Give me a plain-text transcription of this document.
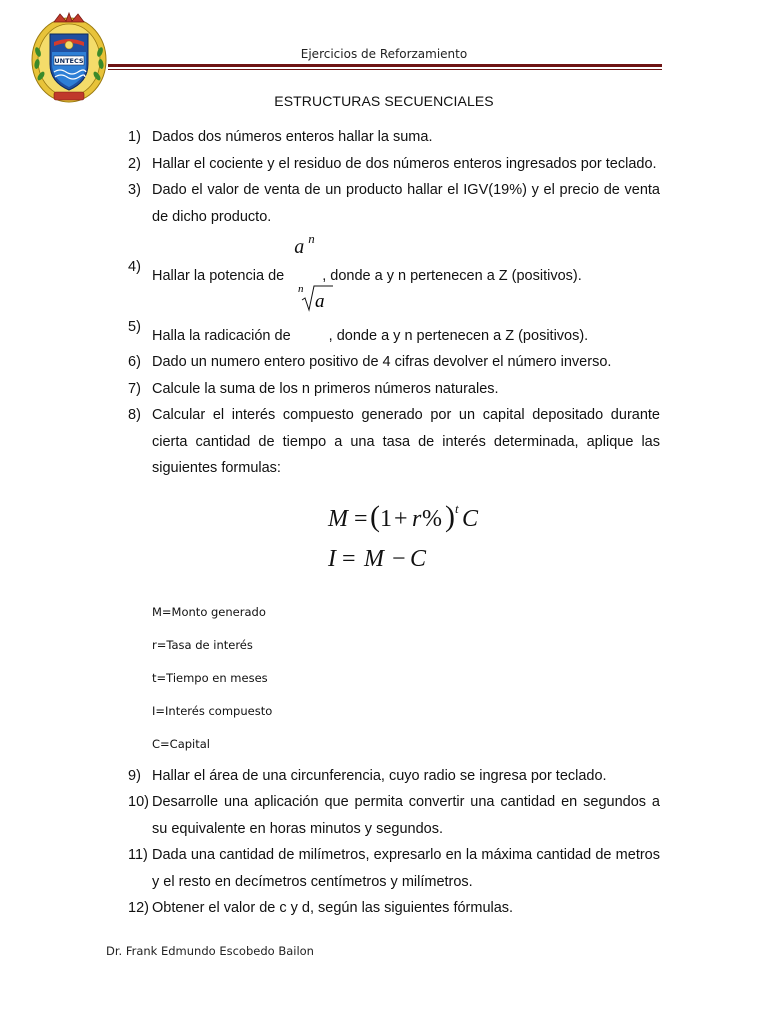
UNTECS	Ejercicios de Reforzamiento
ESTRUCTURAS SECUENCIALES
1) Dados dos números enteros hallar la suma.
2) Hallar el cociente y el residuo de dos números enteros ingresados por teclado.
3) Dado el valor de venta de un producto hallar el IGV(19%) y el precio de venta de dicho producto.
4)
Hallar la potencia de
a n
, donde a y n pertenecen a Z (positivos).
5)
Halla la radicación de
n
a
, donde a y n pertenecen a Z (positivos).
6) Dado un numero entero positivo de 4 cifras devolver el número inverso.
7) Calcule la suma de los n primeros números naturales.
8) Calcular el interés compuesto generado por un capital depositado durante cierta cantidad de tiempo a una tasa de interés determinada, aplique las siguientes formulas:
M = ( 1 + r % ) t C
I = M − C
M=Monto generado
r=Tasa de interés
t=Tiempo en meses
I=Interés compuesto
C=Capital
9) Hallar el área de una circunferencia, cuyo radio se ingresa por teclado.
10) Desarrolle una aplicación que permita convertir una cantidad en segundos a su equivalente en horas minutos y segundos.
11) Dada una cantidad de milímetros, expresarlo en la máxima cantidad de metros y el resto en decímetros centímetros y milímetros.
12) Obtener el valor de c y d, según las siguientes fórmulas.
Dr. Frank Edmundo Escobedo Bailon
